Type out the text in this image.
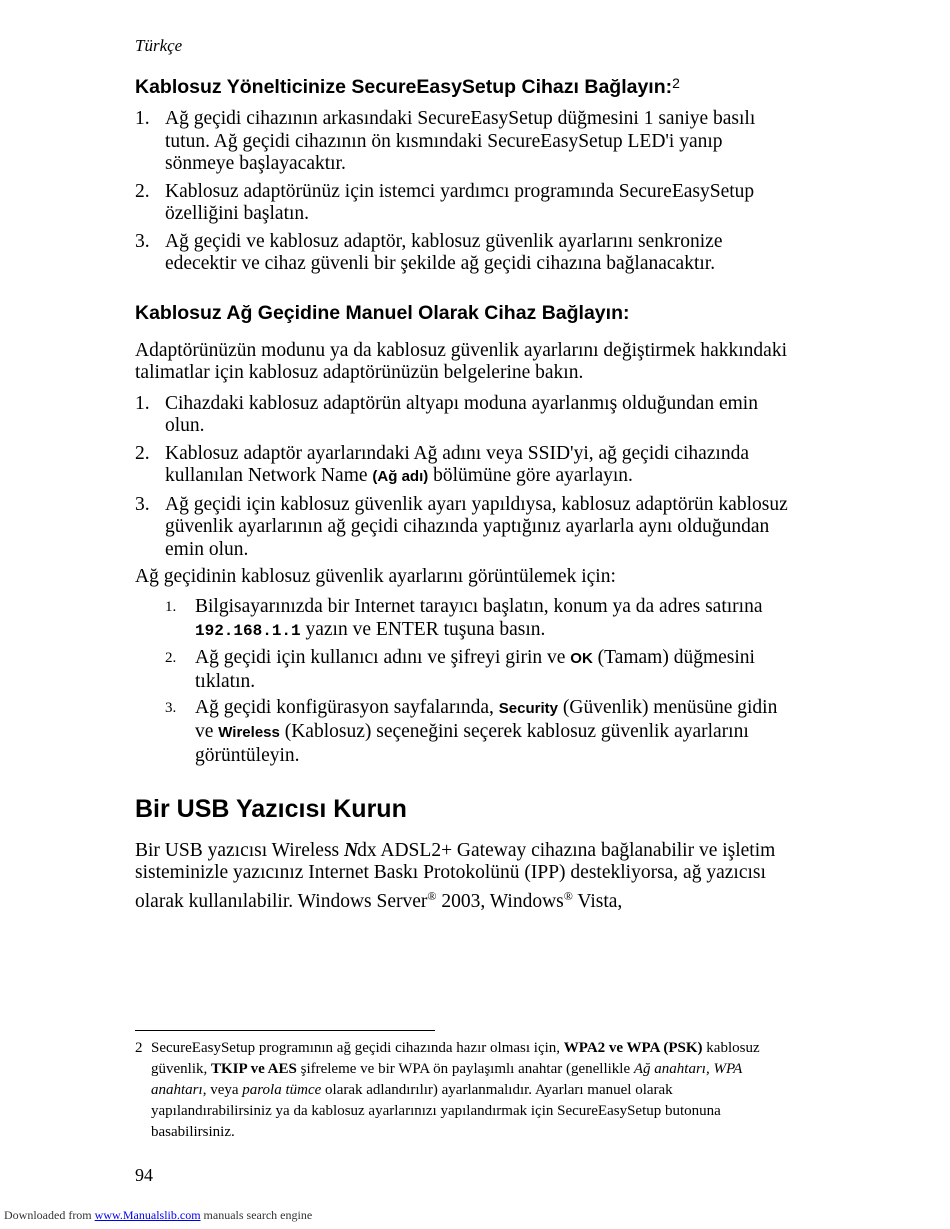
Türkçe
Kablosuz Yönelticinize SecureEasySetup Cihazı Bağlayın:$^2$
1. Ağ geçidi cihazının arkasındaki SecureEasySetup düğmesini 1 saniye basılı tutun. Ağ geçidi cihazının ön kısmındaki SecureEasySetup LED'i yanıp sönmeye başlayacaktır.
2. Kablosuz adaptörünüz için istemci yardımcı programında SecureEasySetup özelliğini başlatın.
3. Ağ geçidi ve kablosuz adaptör, kablosuz güvenlik ayarlarını senkronize edecektir ve cihaz güvenli bir şekilde ağ geçidi cihazına bağlanacaktır.
Kablosuz Ağ Geçidine Manuel Olarak Cihaz Bağlayın:

Adaptörünüzün modunu ya da kablosuz güvenlik ayarlarını değiştirmek hakkındaki talimatlar için kablosuz adaptörünüzün belgelerine bakın.

1. Cihazdaki kablosuz adaptörün altyapı moduna ayarlanmış olduğundan emin olun.
2. Kablosuz adaptör ayarlarındaki Ağ adını veya SSID'yi, ağ geçidi cihazında kullanılan Network Name (Ağ adı) bölümüne göre ayarlayın.
3. Ağ geçidi için kablosuz güvenlik ayarı yapıldıysa, kablosuz adaptörün kablosuz güvenlik ayarlarının ağ geçidi cihazında yaptığınız ayarlarla aynı olduğundan emin olun.

Ağ geçidinin kablosuz güvenlik ayarlarını görüntülemek için:

1. Bilgisayarınızda bir Internet tarayıcı başlatın, konum ya da adres satırına 192.168.1.1 yazın ve ENTER tuşuna basın.
2. Ağ geçidi için kullanıcı adını ve şifreyi girin ve OK (Tamam) düğmesini tıklatın.
3. Ağ geçidi konfigürasyon sayfalarında, Security (Güvenlik) menüsüne gidin ve Wireless (Kablosuz) seçeneğini seçerek kablosuz güvenlik ayarlarını görüntüleyin.
Bir USB Yazıcısı Kurun

Bir USB yazıcısı Wireless Ndx ADSL2+ Gateway cihazına bağlanabilir ve işletim sisteminizle yazıcınız Internet Baskı Protokolünü (IPP) destekliyorsa, ağ yazıcısı olarak kullanılabilir. Windows Server® 2003, Windows® Vista,

2 SecureEasySetup programının ağ geçidi cihazında hazır olması için, WPA2 ve WPA (PSK) kablosuz güvenlik, TKIP ve AES şifreleme ve bir WPA ön paylaşımlı anahtar (genellikle Ağ anahtarı, WPA anahtarı, veya parola tümce olarak adlandırılır) ayarlanmalıdır. Ayarları manuel olarak yapılandırabilirsiniz ya da kablosuz ayarlarınızı yapılandırmak için SecureEasySetup butonuna basabilirsiniz.
94
Downloaded from www.Manualslib.com manuals search engine
